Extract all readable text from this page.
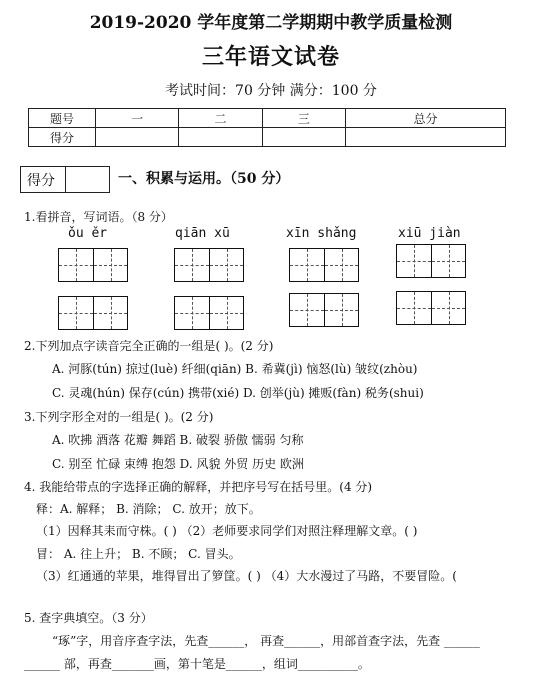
2019-2020 学年度第二学期期中教学质量检测
三年语文试卷
考试时间：70 分钟 满分：100 分
题号	一	二	三	总分
得分				
得分	一、积累与运用。（50 分）
1.看拼音，写词语。（8 分）
ǒu ěr	qiān xū	xīn shǎng	xiū jiàn
2.下列加点字读音完全正确的一组是( )。(2 分)
A. 河豚(tún) 掠过(luè) 纤细(qiān) B. 希冀(jì) 恼怒(lù) 皱纹(zhòu)
C. 灵魂(hún) 保存(cún) 携带(xié) D. 创举(jù) 摊贩(fàn) 税务(shui)
3.下列字形全对的一组是( )。(2 分)
A. 吹拂 酒落 花瓣 舞蹈 B. 破裂 骄傲 懦弱 匀称
C. 别至 忙碌 束缚 抱怨 D. 风貌 外贸 历史 欧洲
4. 我能给带点的字选择正确的解释，并把序号写在括号里。(4 分)
释：A. 解释； B. 消除； C. 放开；放下。
（1）因释其耒而守株。( ) （2）老师要求同学们对照注释理解文章。( )
冒： A. 往上升； B. 不顾； C. 冒头。
（3）红通通的苹果，堆得冒出了箩筐。( ) （4）大水漫过了马路，不要冒险。(
5. 查字典填空。（3 分）
“琢”字，用音序查字法，先查______， 再查______，用部首查字法，先查 ______
______ 部，再查_______画，第十笔是______，组词__________。
